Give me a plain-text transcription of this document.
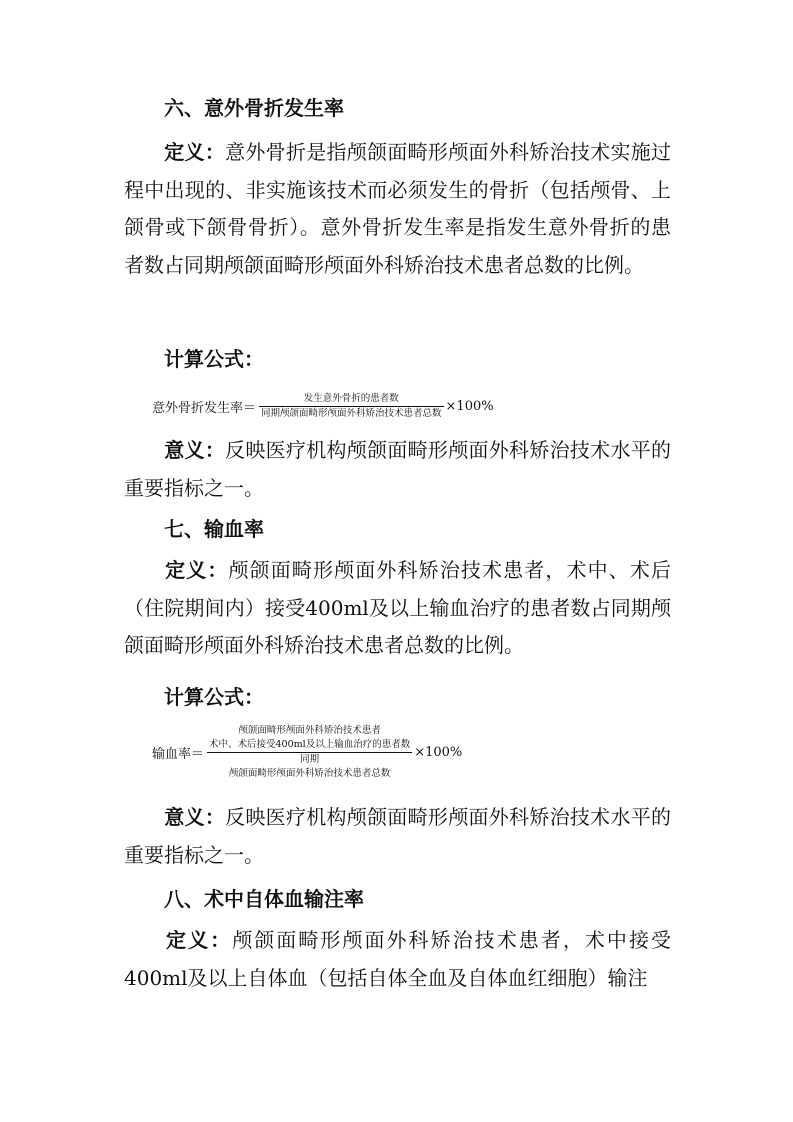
六、意外骨折发生率
定义：意外骨折是指颅颌面畸形颅面外科矫治技术实施过程中出现的、非实施该技术而必须发生的骨折（包括颅骨、上颌骨或下颌骨骨折）。意外骨折发生率是指发生意外骨折的患者数占同期颅颌面畸形颅面外科矫治技术患者总数的比例。
计算公式：
意外骨折发生率＝ $\frac{\text{发生意外骨折的患者数}}{\text{同期颅颌面畸形颅面外科矫治技术患者总数}} \times 100\%$
意义：反映医疗机构颅颌面畸形颅面外科矫治技术水平的重要指标之一。
七、输血率
定义：颅颌面畸形颅面外科矫治技术患者，术中、术后（住院期间内）接受400ml及以上输血治疗的患者数占同期颅颌面畸形颅面外科矫治技术患者总数的比例。
计算公式：
输血率＝
颅颌面畸形颅面外科矫治技术患者
术中、术后接受400ml及以上输血治疗的患者数
同期
颅颌面畸形颅面外科矫治技术患者总数
×100%
意义：反映医疗机构颅颌面畸形颅面外科矫治技术水平的重要指标之一。
八、术中自体血输注率
定义：颅颌面畸形颅面外科矫治技术患者，术中接受400ml及以上自体血（包括自体全血及自体血红细胞）输注
